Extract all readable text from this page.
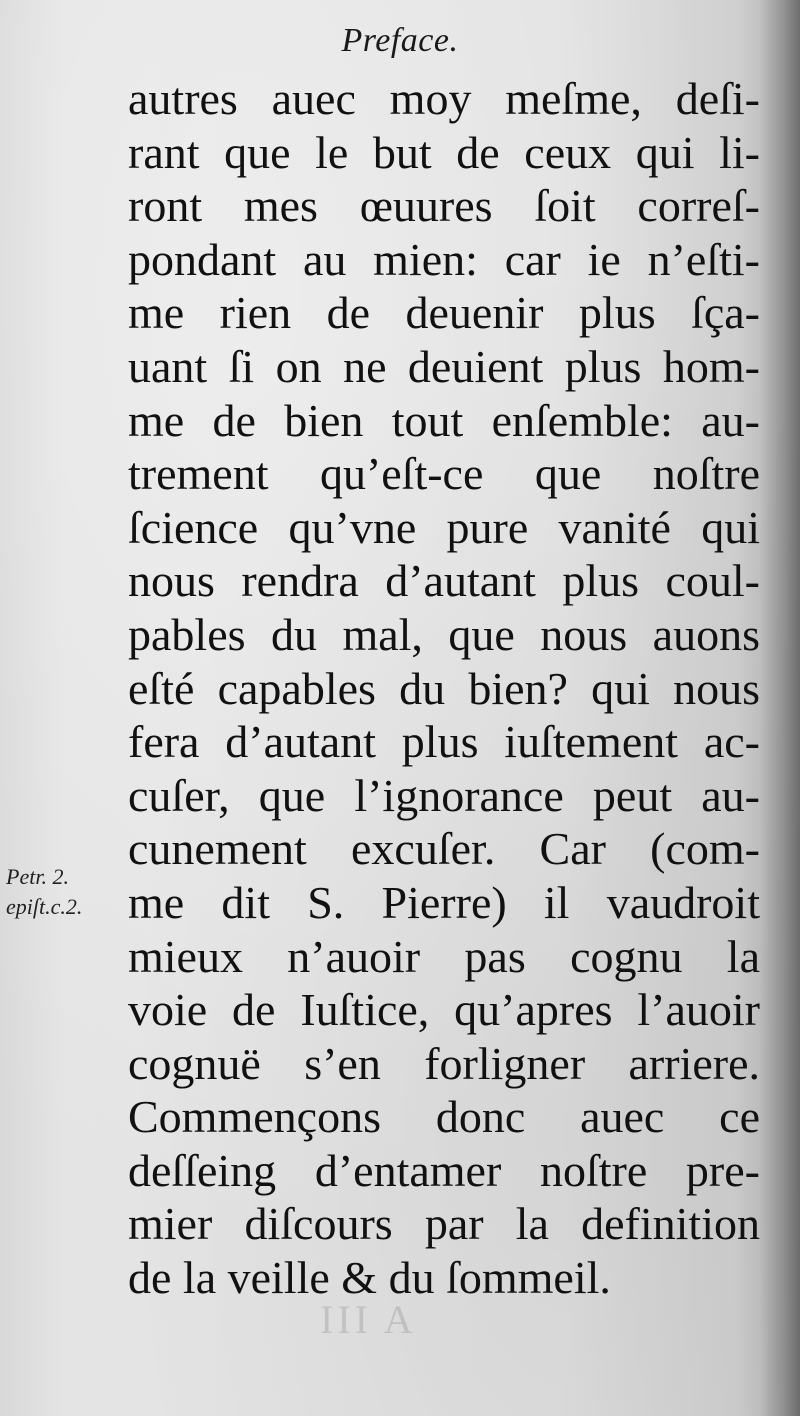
Preface.
Petr. 2.
epiſt.c.2.
autres auec moy meſme, deſi-
rant que le but de ceux qui li-
ront mes œuures ſoit correſ-
pondant au mien: car ie n’eſti-
me rien de deuenir plus ſça-
uant ſi on ne deuient plus hom-
me de bien tout enſemble: au-
trement qu’eſt-ce que noſtre
ſcience qu’vne pure vanité qui
nous rendra d’autant plus coul-
pables du mal, que nous auons
eſté capables du bien? qui nous
fera d’autant plus iuſtement ac-
cuſer, que l’ignorance peut au-
cunement excuſer. Car (com-
me dit S. Pierre) il vaudroit
mieux n’auoir pas cognu la
voie de Iuſtice, qu’apres l’auoir
cognuë s’en forligner arriere.
Commençons donc auec ce
deſſeing d’entamer noſtre pre-
mier diſcours par la definition
de la veille & du ſommeil.
III A
